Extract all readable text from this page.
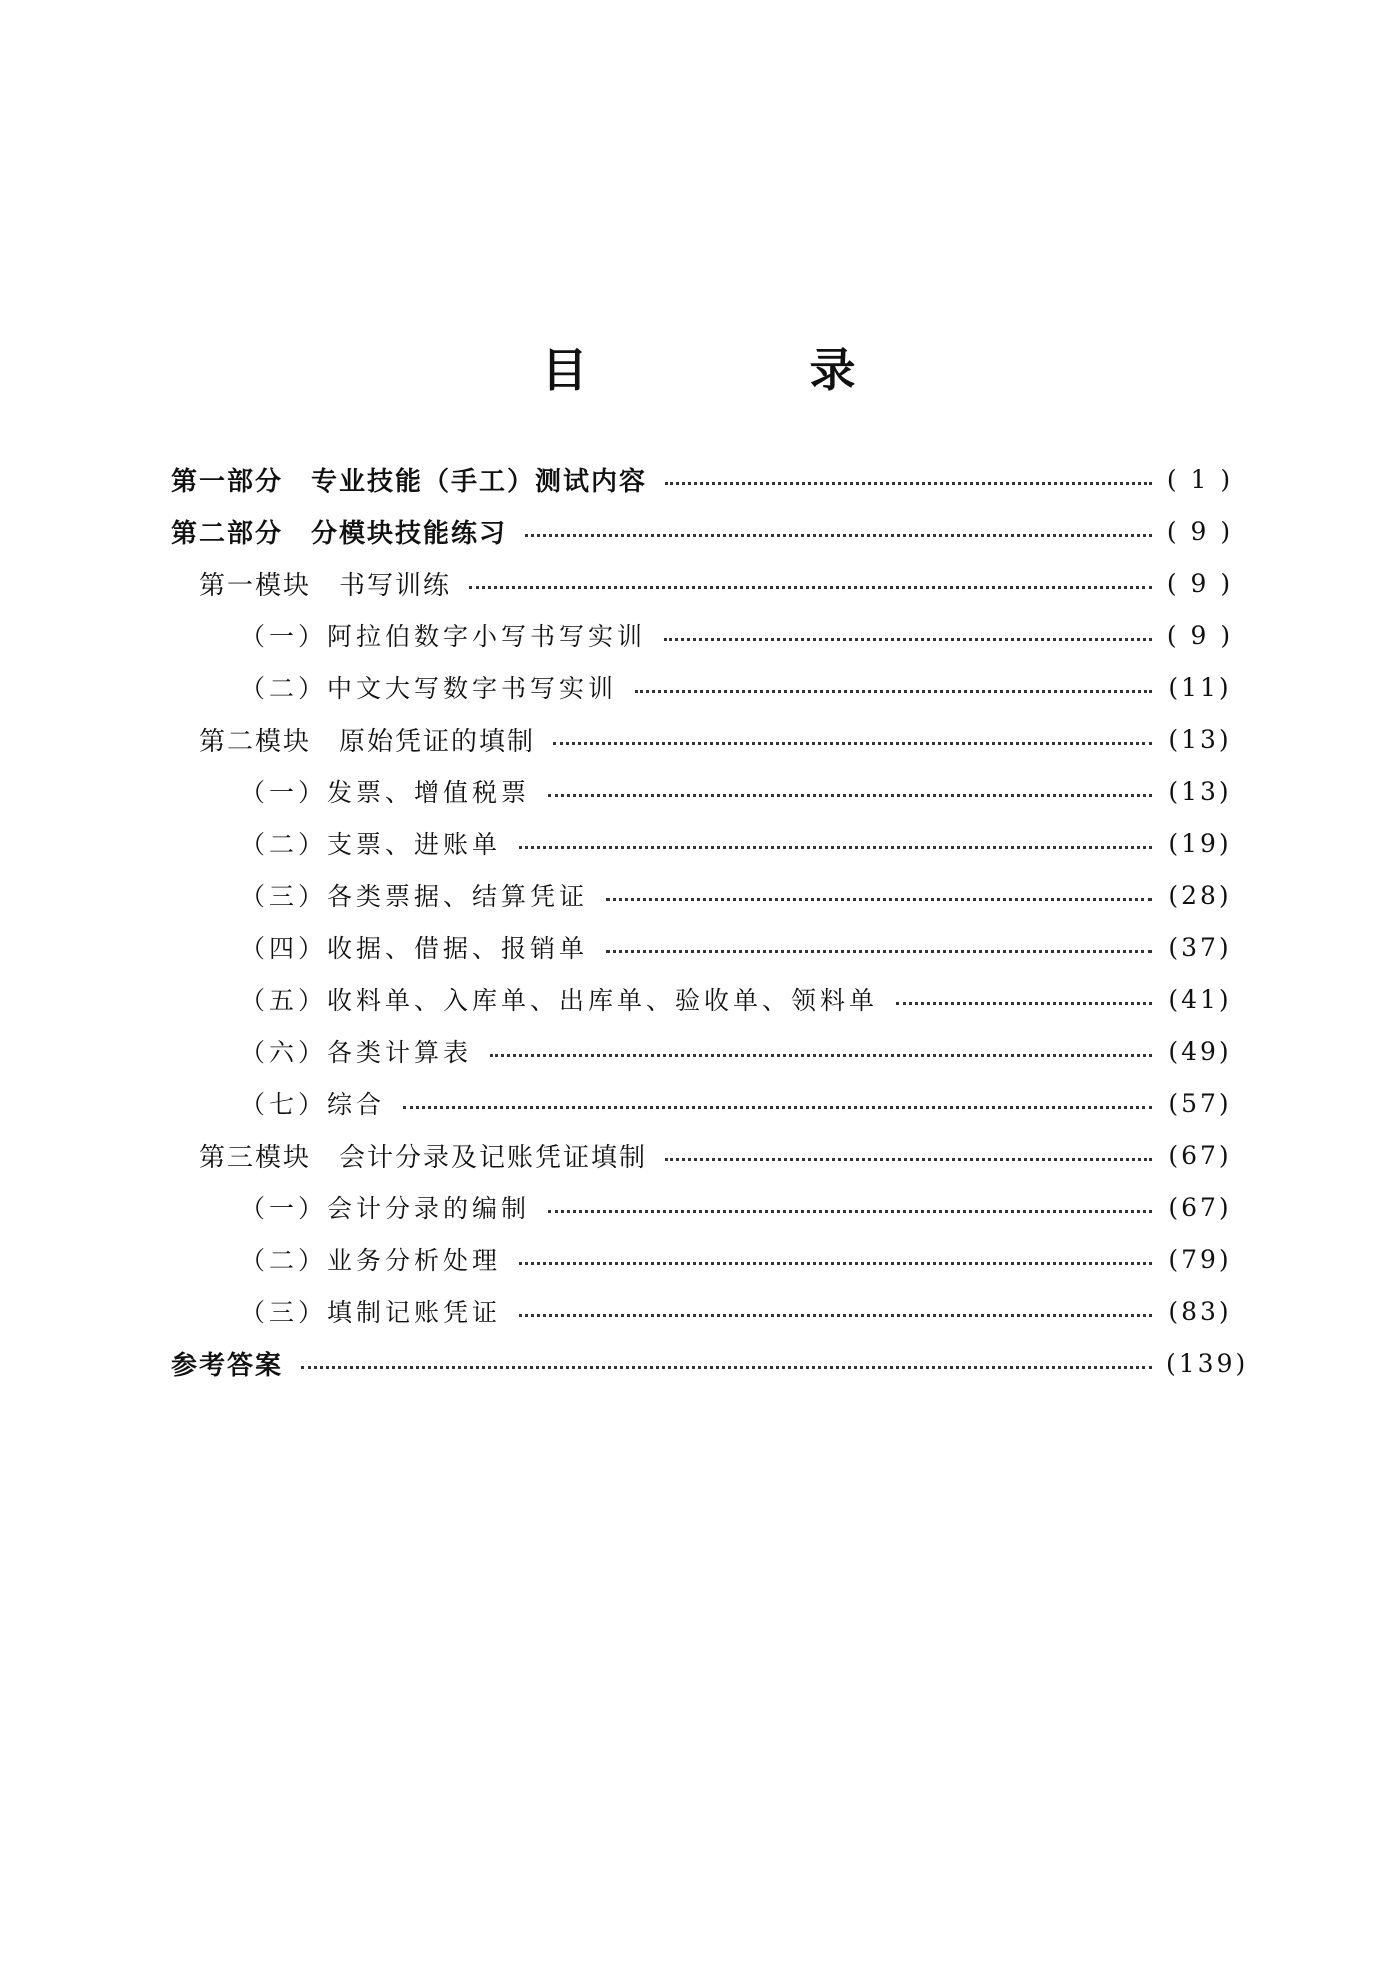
目　录
第一部分　专业技能（手工）测试内容	( 1 )
第二部分　分模块技能练习	( 9 )
第一模块　书写训练	( 9 )
（一）阿拉伯数字小写书写实训	( 9 )
（二）中文大写数字书写实训	(11)
第二模块　原始凭证的填制	(13)
（一）发票、增值税票	(13)
（二）支票、进账单	(19)
（三）各类票据、结算凭证	(28)
（四）收据、借据、报销单	(37)
（五）收料单、入库单、出库单、验收单、领料单	(41)
（六）各类计算表	(49)
（七）综合	(57)
第三模块　会计分录及记账凭证填制	(67)
（一）会计分录的编制	(67)
（二）业务分析处理	(79)
（三）填制记账凭证	(83)
参考答案	(139)
